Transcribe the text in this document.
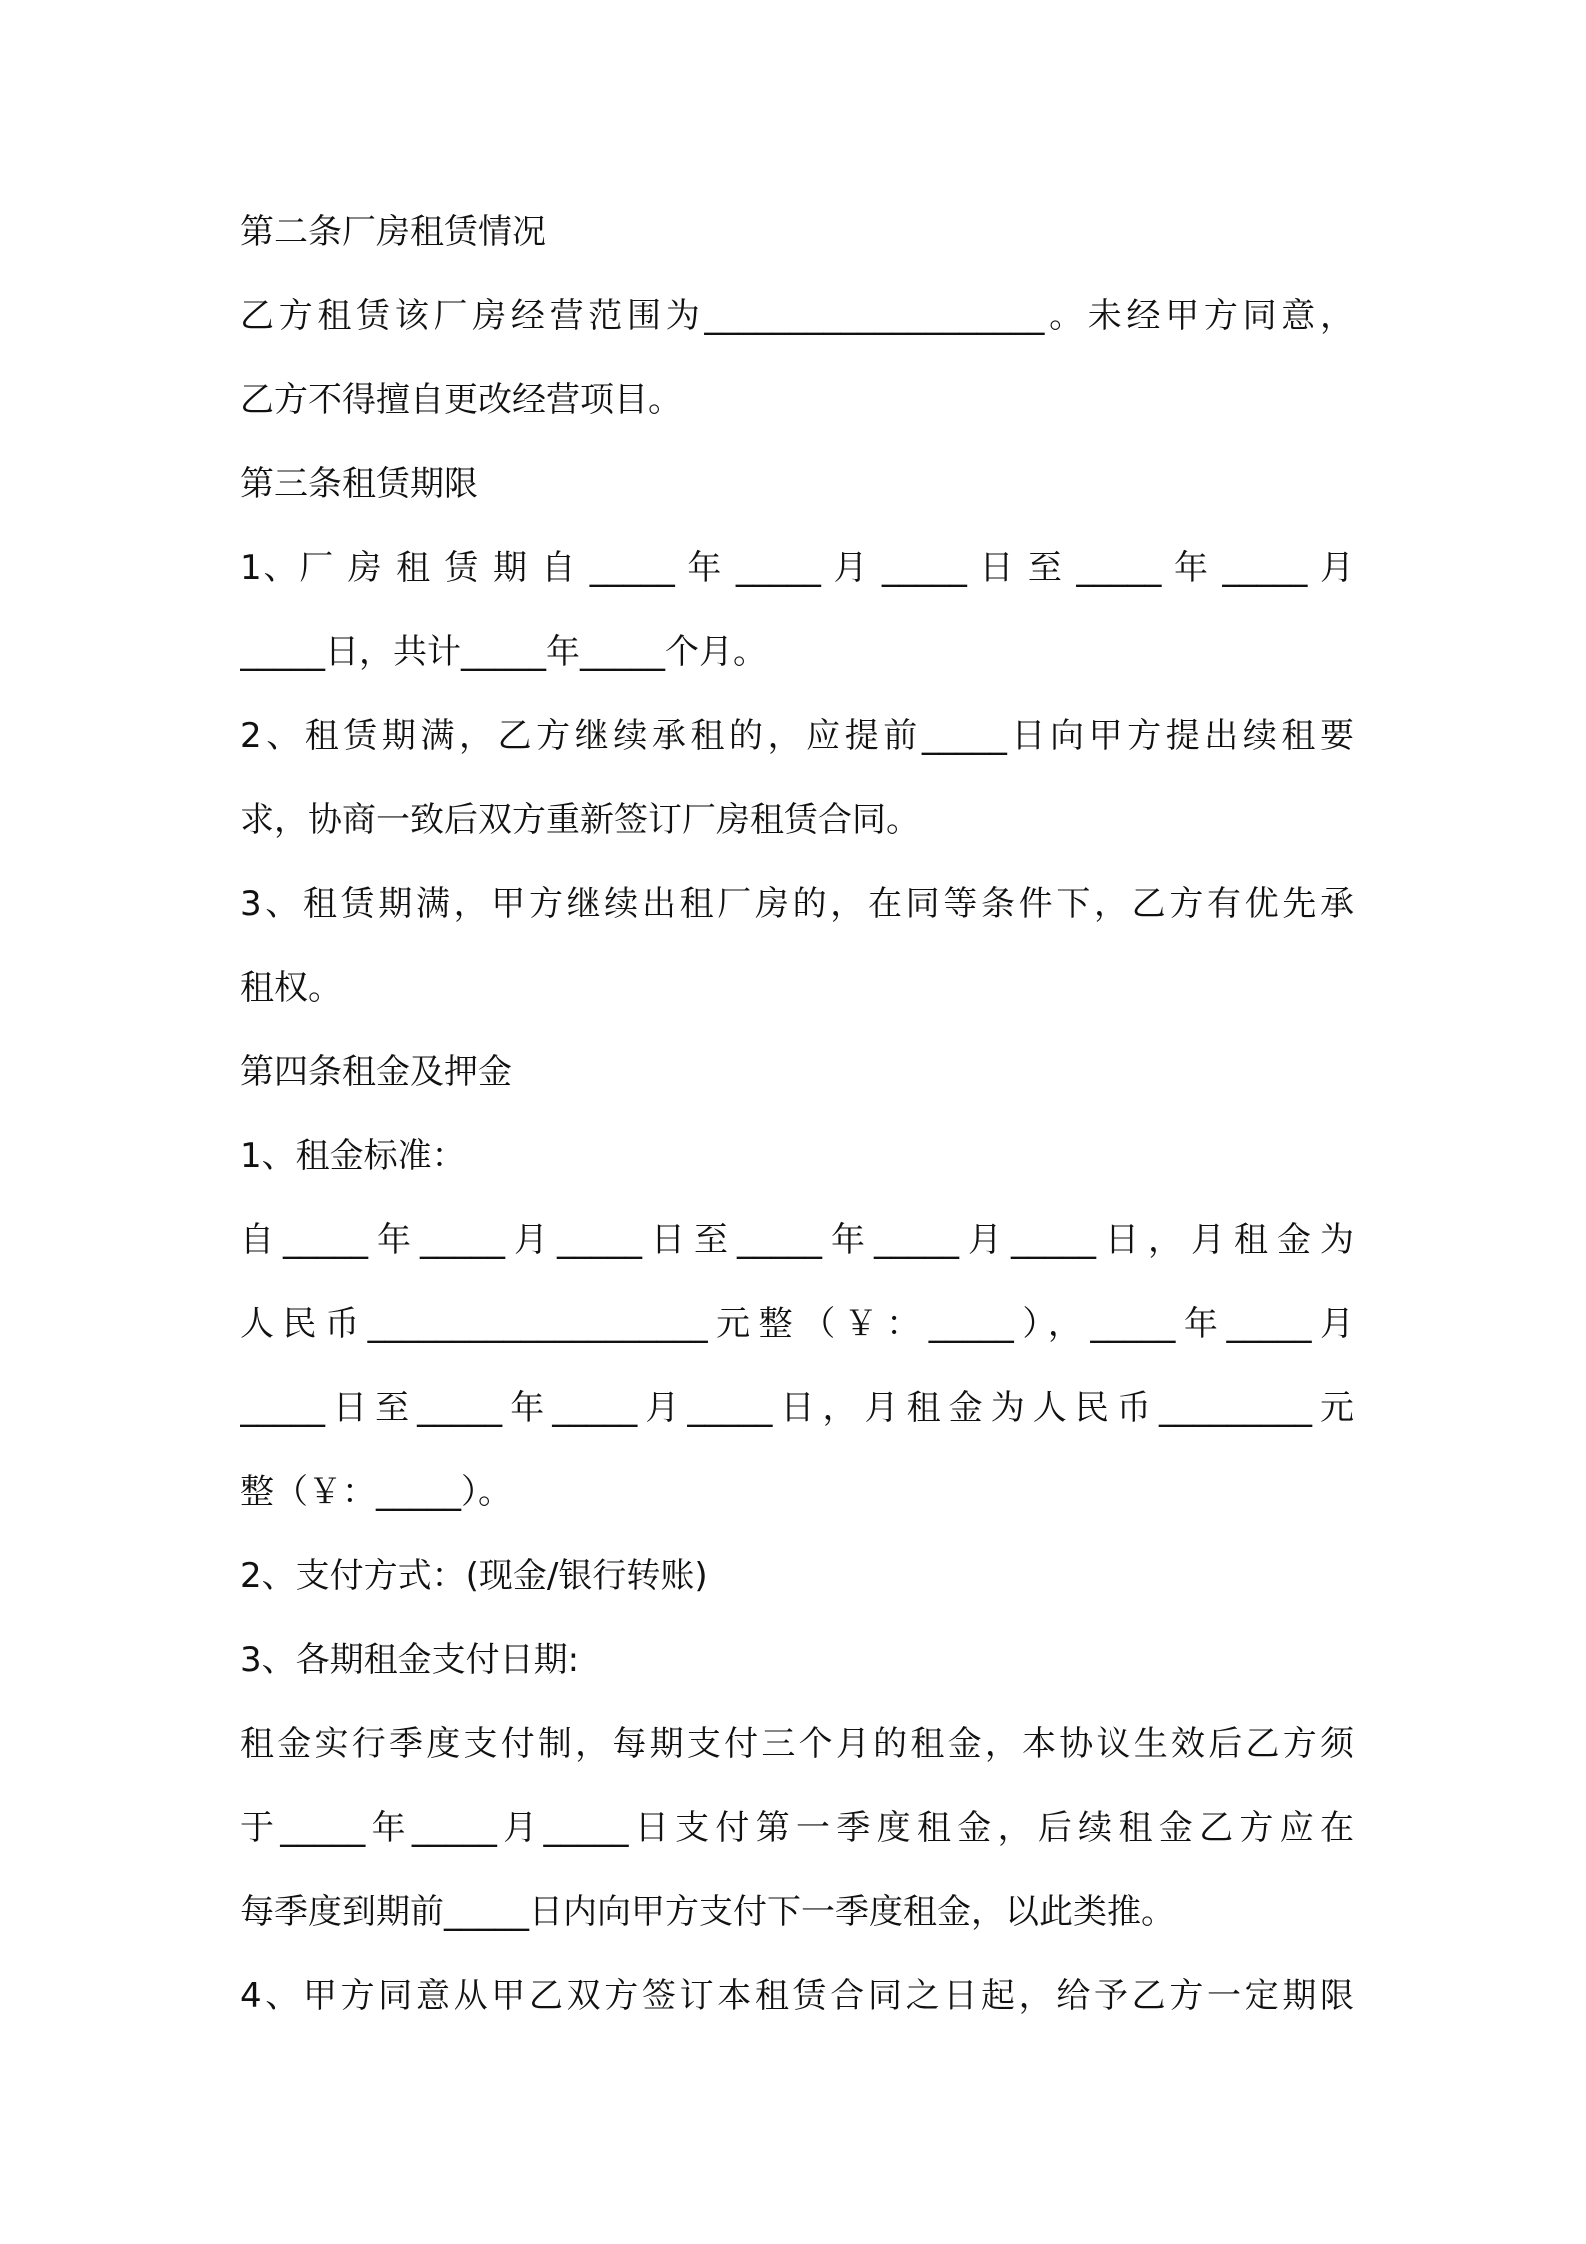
第二条厂房租赁情况
乙方租赁该厂房经营范围为____________________。未经甲方同意，
乙方不得擅自更改经营项目。
第三条租赁期限
1、厂 房 租 赁 期 自 _____ 年 _____ 月 _____ 日 至 _____ 年 _____ 月
_____日，共计_____年_____个月。
2、租赁期满，乙方继续承租的，应提前_____日向甲方提出续租要
求，协商一致后双方重新签订厂房租赁合同。
3、租赁期满，甲方继续出租厂房的，在同等条件下，乙方有优先承
租权。
第四条租金及押金
1、租金标准：
自_____年_____月_____日至_____年_____月_____日，月租金为
人民币____________________元整（￥：_____），_____年_____月
_____日至_____年_____月_____日，月租金为人民币_________元
整（￥：_____）。
2、支付方式：(现金/银行转账)
3、各期租金支付日期:
租金实行季度支付制，每期支付三个月的租金，本协议生效后乙方须
于_____年_____月_____日支付第一季度租金，后续租金乙方应在
每季度到期前_____日内向甲方支付下一季度租金，以此类推。
4、甲方同意从甲乙双方签订本租赁合同之日起，给予乙方一定期限
